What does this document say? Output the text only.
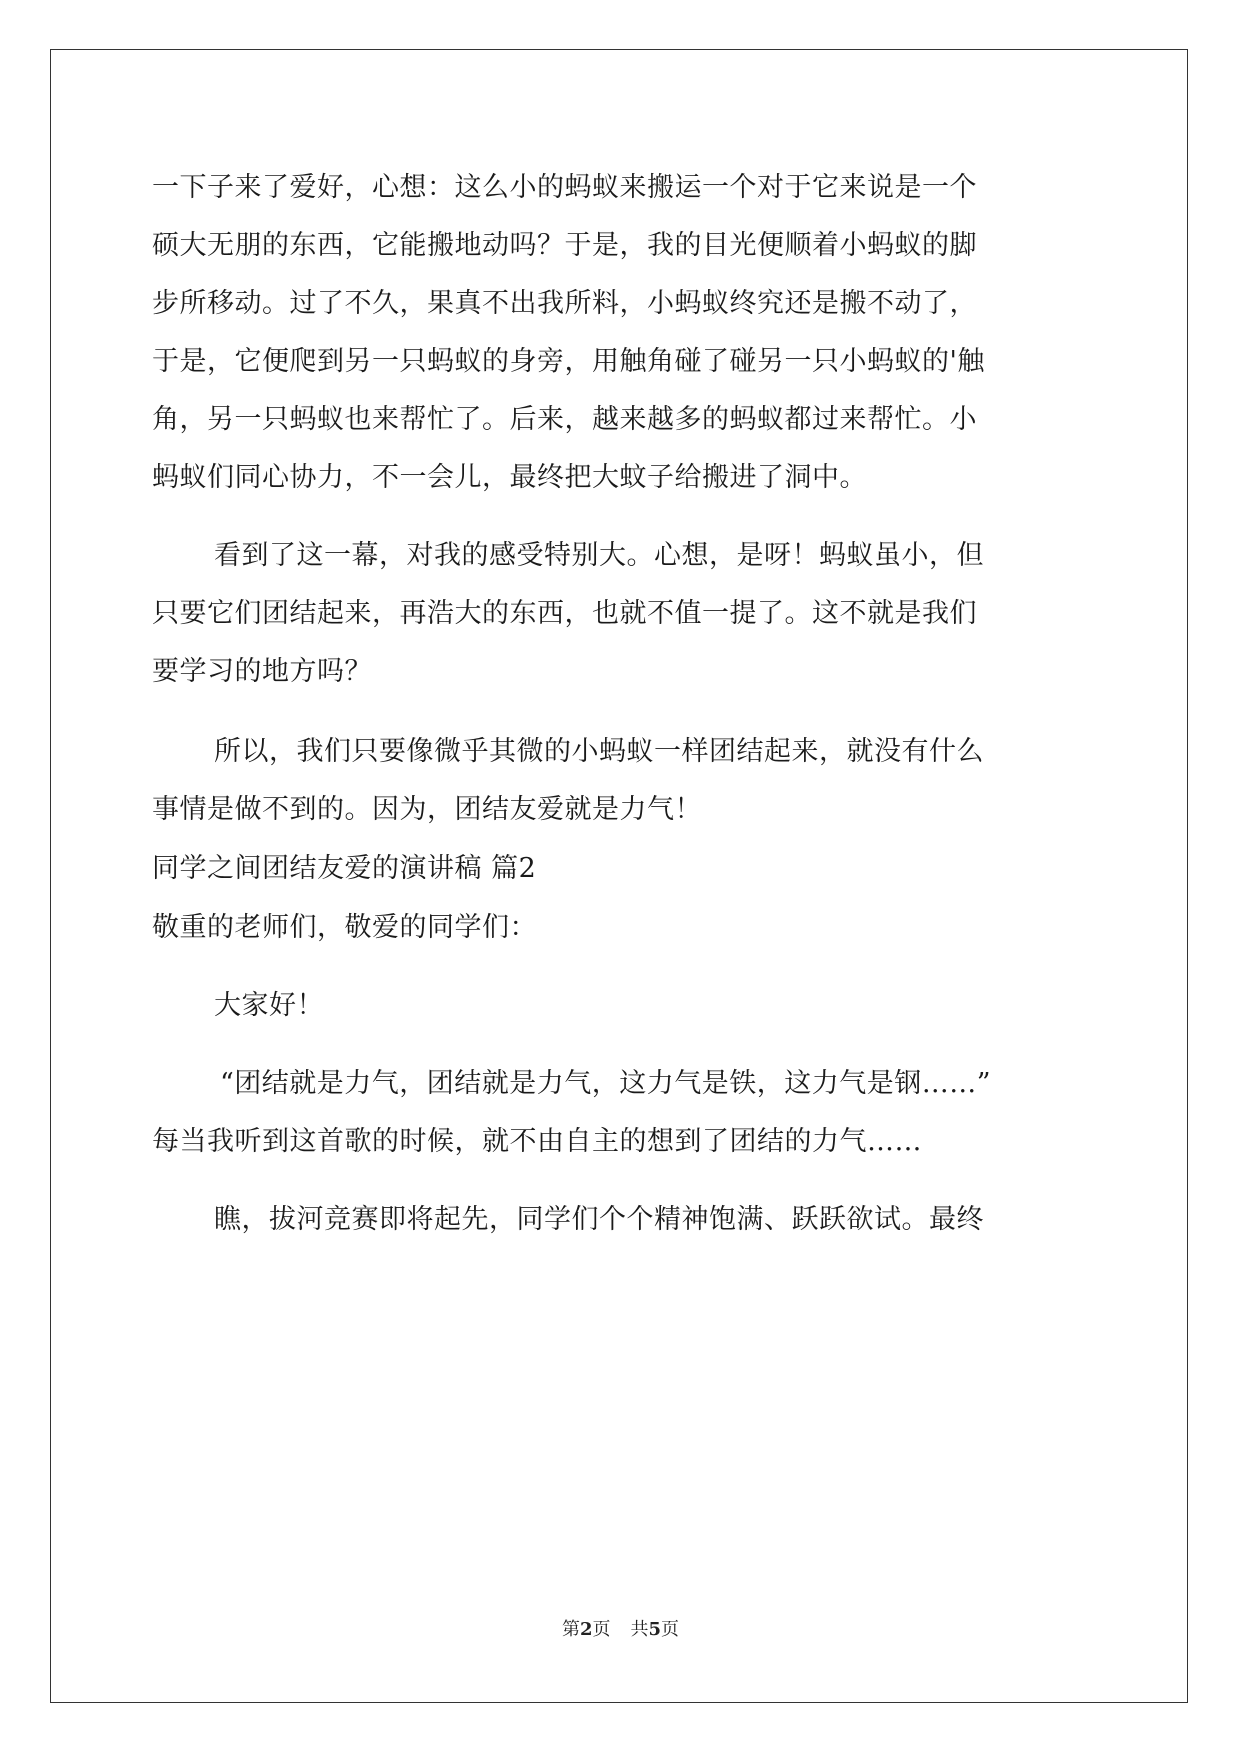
一下子来了爱好，心想：这么小的蚂蚁来搬运一个对于它来说是一个
硕大无朋的东西，它能搬地动吗？于是，我的目光便顺着小蚂蚁的脚
步所移动。过了不久，果真不出我所料，小蚂蚁终究还是搬不动了，
于是，它便爬到另一只蚂蚁的身旁，用触角碰了碰另一只小蚂蚁的'触
角，另一只蚂蚁也来帮忙了。后来，越来越多的蚂蚁都过来帮忙。小
蚂蚁们同心协力，不一会儿，最终把大蚊子给搬进了洞中。
看到了这一幕，对我的感受特别大。心想，是呀！蚂蚁虽小，但
只要它们团结起来，再浩大的东西，也就不值一提了。这不就是我们
要学习的地方吗？
所以，我们只要像微乎其微的小蚂蚁一样团结起来，就没有什么
事情是做不到的。因为，团结友爱就是力气！
同学之间团结友爱的演讲稿 篇2
敬重的老师们，敬爱的同学们：
大家好！
“团结就是力气，团结就是力气，这力气是铁，这力气是钢……”
每当我听到这首歌的时候，就不由自主的想到了团结的力气……
瞧，拔河竞赛即将起先，同学们个个精神饱满、跃跃欲试。最终
第2页 共5页
